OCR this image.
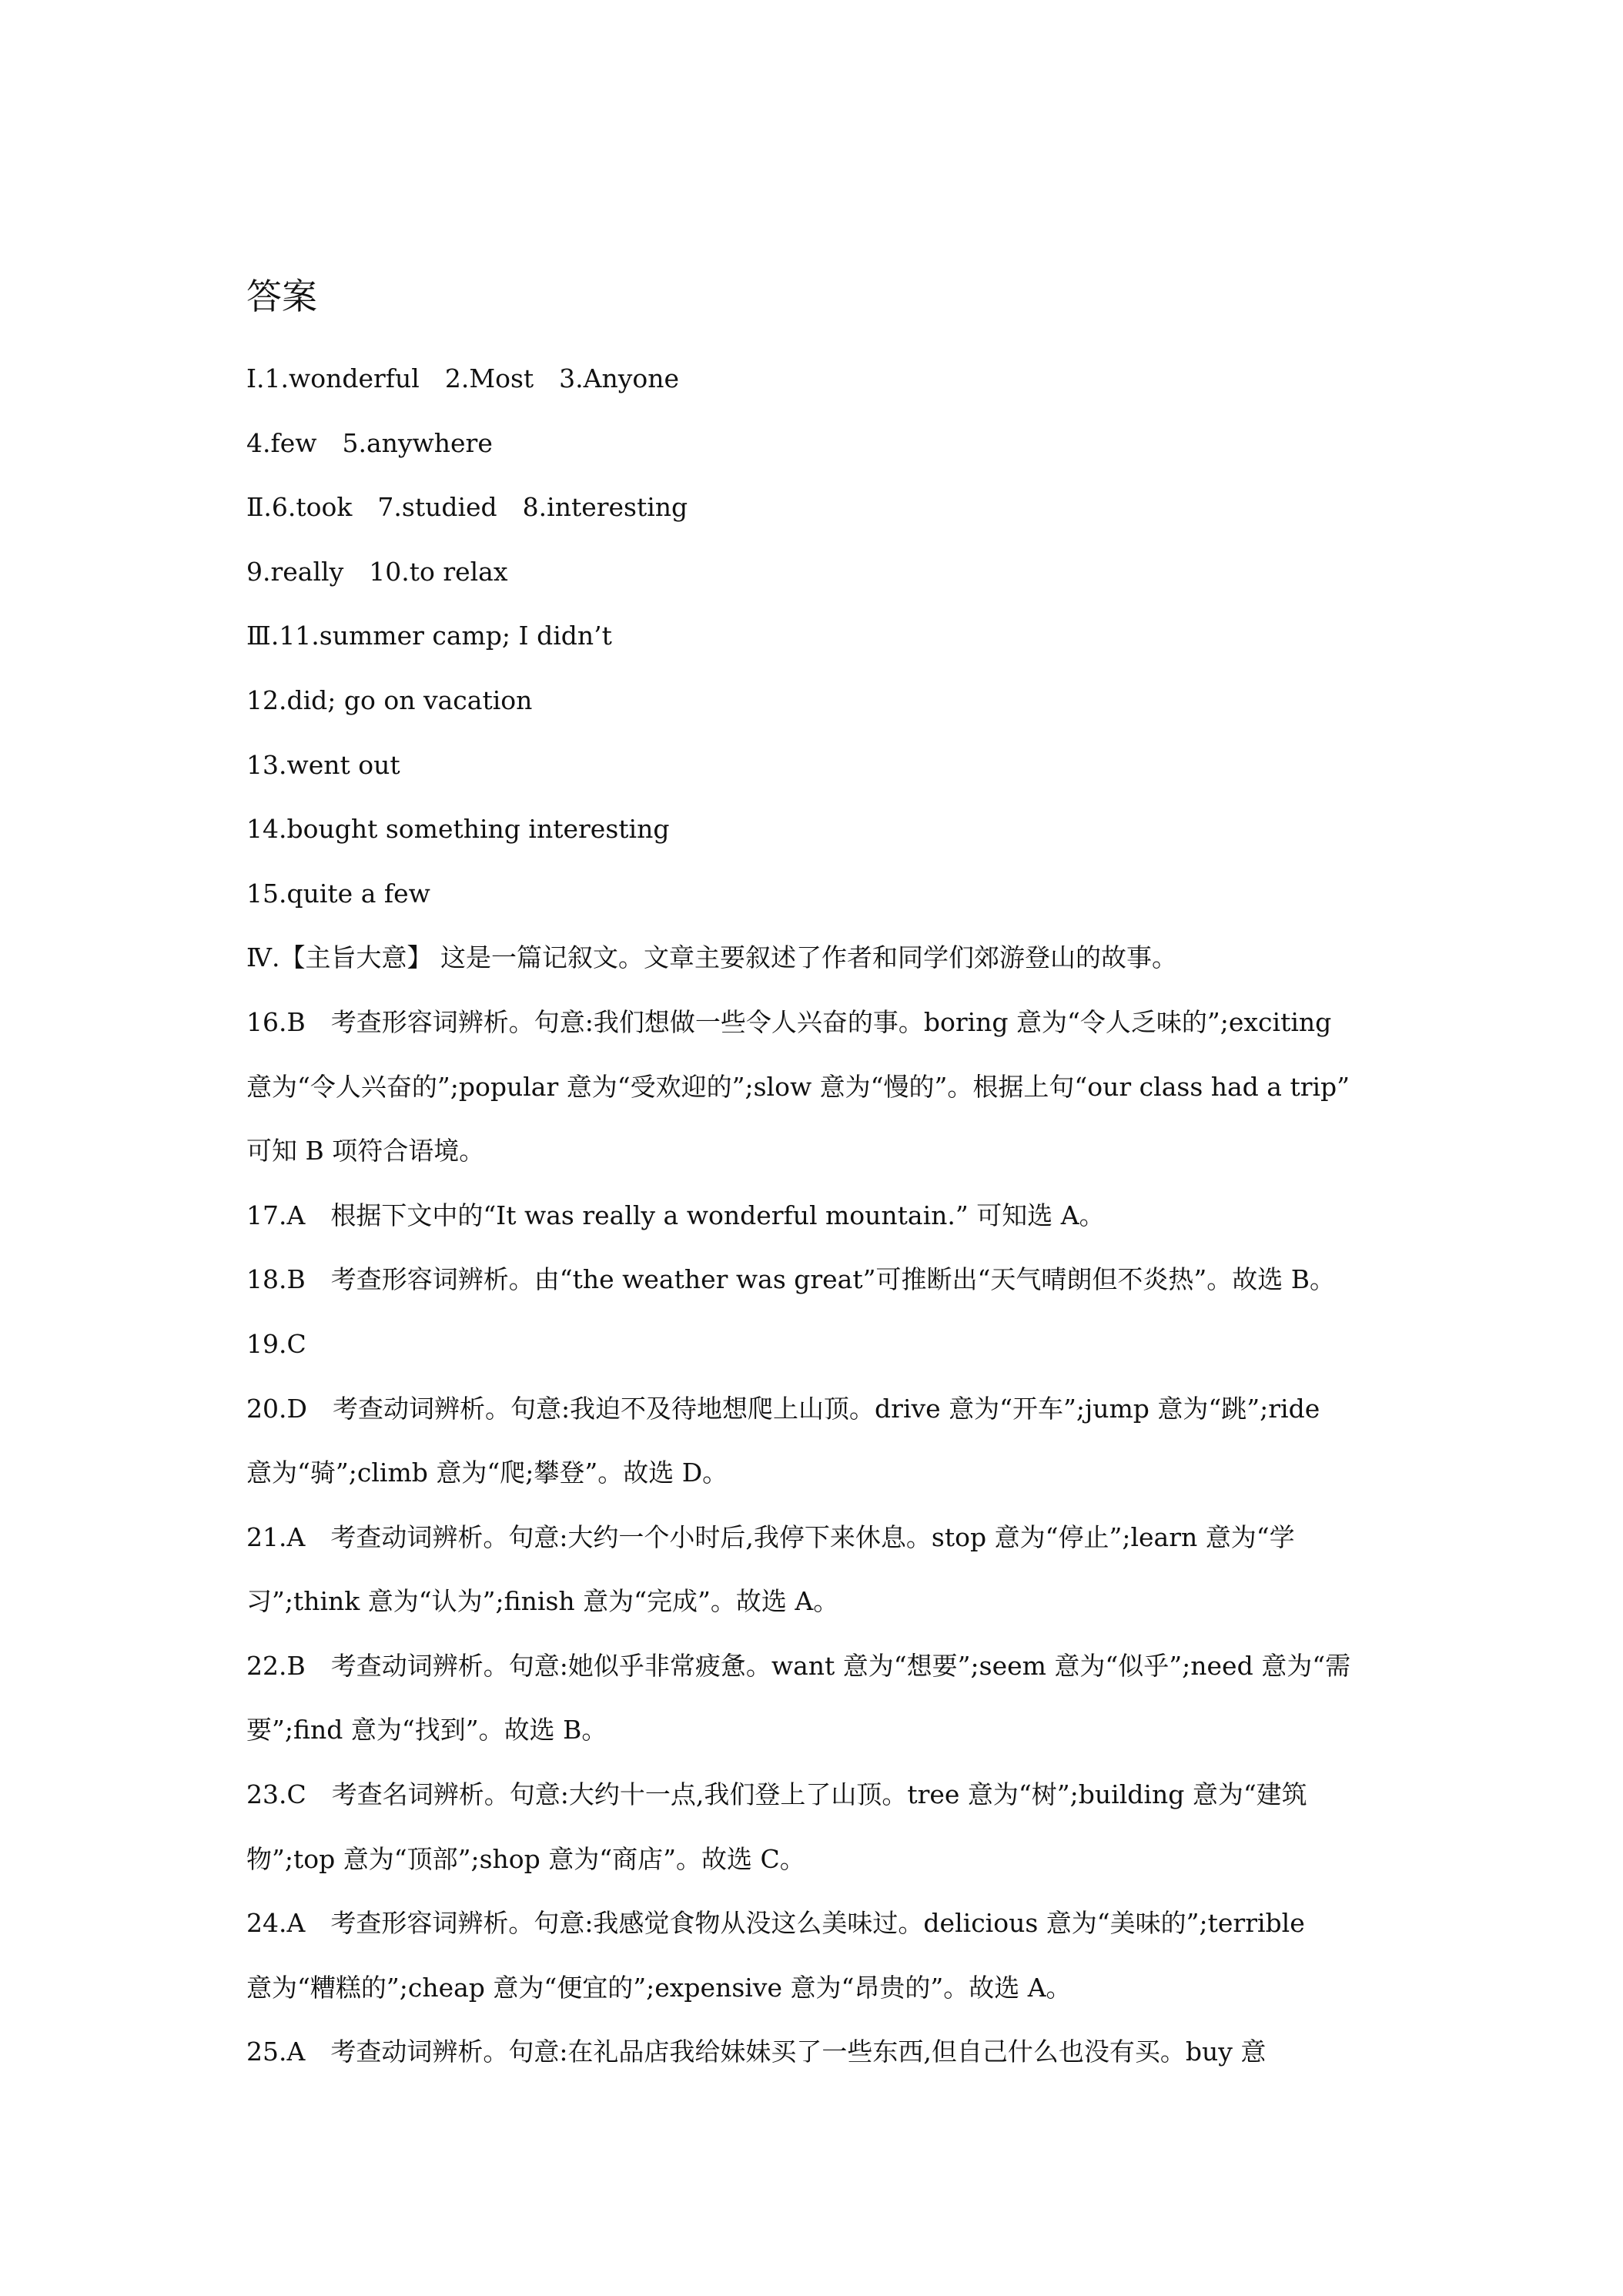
答案
Ⅰ.1.wonderful　2.Most　3.Anyone
4.few　5.anywhere
Ⅱ.6.took　7.studied　8.interesting
9.really　10.to relax
Ⅲ.11.summer camp; I didn’t
12.did; go on vacation
13.went out
14.bought something interesting
15.quite a few
Ⅳ.【主旨大意】 这是一篇记叙文。文章主要叙述了作者和同学们郊游登山的故事。
16.B　考查形容词辨析。句意:我们想做一些令人兴奋的事。boring 意为“令人乏味的”;exciting
意为“令人兴奋的”;popular 意为“受欢迎的”;slow 意为“慢的”。根据上句“our class had a trip”
可知 B 项符合语境。
17.A　根据下文中的“It was really a wonderful mountain.” 可知选 A。
18.B　考查形容词辨析。由“the weather was great”可推断出“天气晴朗但不炎热”。故选 B。
19.C
20.D　考查动词辨析。句意:我迫不及待地想爬上山顶。drive 意为“开车”;jump 意为“跳”;ride
意为“骑”;climb 意为“爬;攀登”。故选 D。
21.A　考查动词辨析。句意:大约一个小时后,我停下来休息。stop 意为“停止”;learn 意为“学
习”;think 意为“认为”;finish 意为“完成”。故选 A。
22.B　考查动词辨析。句意:她似乎非常疲惫。want 意为“想要”;seem 意为“似乎”;need 意为“需
要”;find 意为“找到”。故选 B。
23.C　考查名词辨析。句意:大约十一点,我们登上了山顶。tree 意为“树”;building 意为“建筑
物”;top 意为“顶部”;shop 意为“商店”。故选 C。
24.A　考查形容词辨析。句意:我感觉食物从没这么美味过。delicious 意为“美味的”;terrible
意为“糟糕的”;cheap 意为“便宜的”;expensive 意为“昂贵的”。故选 A。
25.A　考查动词辨析。句意:在礼品店我给妹妹买了一些东西,但自己什么也没有买。buy 意
